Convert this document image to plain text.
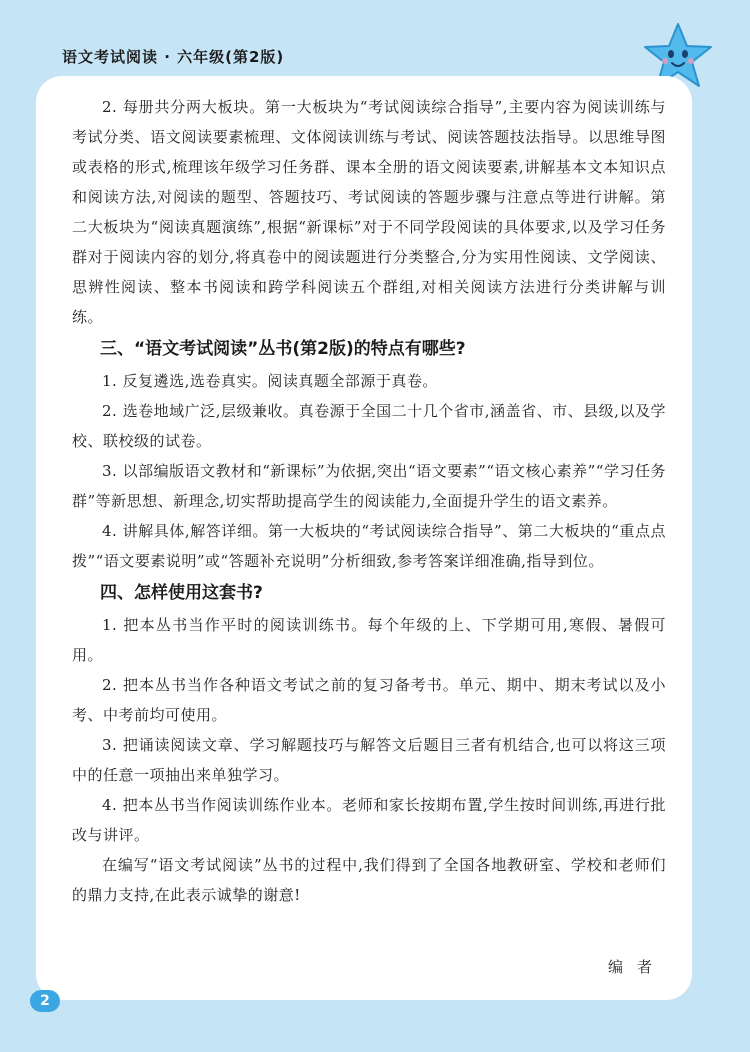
语文考试阅读 · 六年级(第2版)

2. 每册共分两大板块。第一大板块为“考试阅读综合指导”,主要内容为阅读训练与考试分类、语文阅读要素梳理、文体阅读训练与考试、阅读答题技法指导。以思维导图或表格的形式,梳理该年级学习任务群、课本全册的语文阅读要素,讲解基本文本知识点和阅读方法,对阅读的题型、答题技巧、考试阅读的答题步骤与注意点等进行讲解。第二大板块为“阅读真题演练”,根据“新课标”对于不同学段阅读的具体要求,以及学习任务群对于阅读内容的划分,将真卷中的阅读题进行分类整合,分为实用性阅读、文学阅读、思辨性阅读、整本书阅读和跨学科阅读五个群组,对相关阅读方法进行分类讲解与训练。

三、“语文考试阅读”丛书(第2版)的特点有哪些?

1. 反复遴选,选卷真实。阅读真题全部源于真卷。

2. 选卷地域广泛,层级兼收。真卷源于全国二十几个省市,涵盖省、市、县级,以及学校、联校级的试卷。

3. 以部编版语文教材和“新课标”为依据,突出“语文要素”“语文核心素养”“学习任务群”等新思想、新理念,切实帮助提高学生的阅读能力,全面提升学生的语文素养。

4. 讲解具体,解答详细。第一大板块的“考试阅读综合指导”、第二大板块的“重点点拨”“语文要素说明”或“答题补充说明”分析细致,参考答案详细准确,指导到位。

四、怎样使用这套书?

1. 把本丛书当作平时的阅读训练书。每个年级的上、下学期可用,寒假、暑假可用。

2. 把本丛书当作各种语文考试之前的复习备考书。单元、期中、期末考试以及小考、中考前均可使用。

3. 把诵读阅读文章、学习解题技巧与解答文后题目三者有机结合,也可以将这三项中的任意一项抽出来单独学习。

4. 把本丛书当作阅读训练作业本。老师和家长按期布置,学生按时间训练,再进行批改与讲评。

在编写“语文考试阅读”丛书的过程中,我们得到了全国各地教研室、学校和老师们的鼎力支持,在此表示诚挚的谢意!

编者
2
